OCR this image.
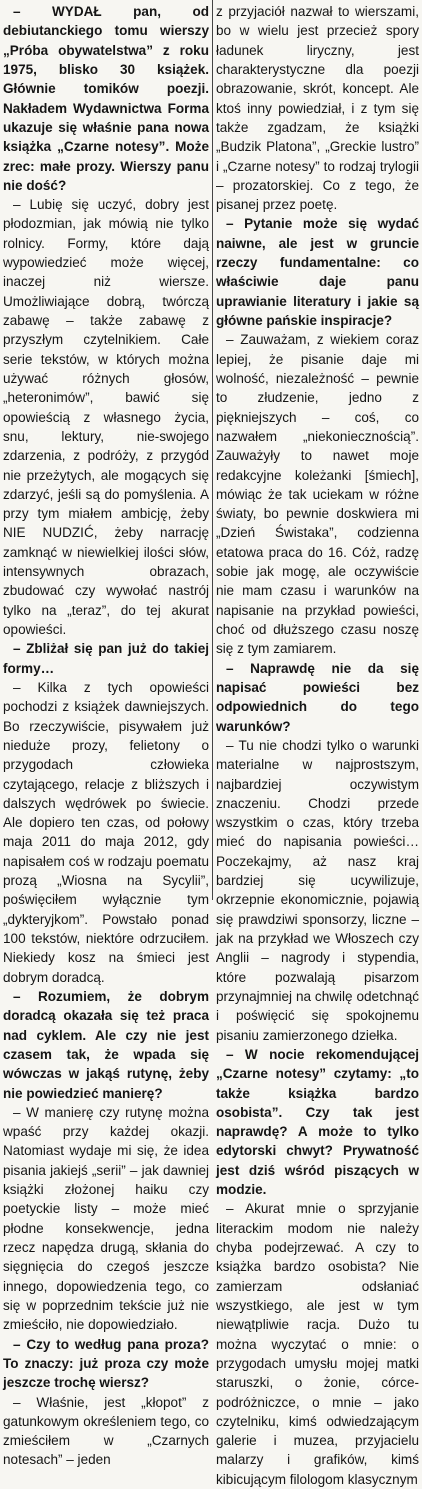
– WYDAŁ pan, od debiutanckiego tomu wierszy „Próba obywatelstwa” z roku 1975, blisko 30 książek. Głównie tomików poezji. Nakładem Wydawnictwa Forma ukazuje się właśnie pana nowa książka „Czarne notesy”. Może zrec: małe prozy. Wierszy panu nie dość?

– Lubię się uczyć, dobry jest płodozmian, jak mówią nie tylko rolnicy. Formy, które dają wypowiedzieć może więcej, inaczej niż wiersze. Umożliwiające dobrą, twórczą zabawę – także zabawę z przyszłym czytelnikiem. Całe serie tekstów, w których można używać różnych głosów, „heteronimów”, bawić się opowieścią z własnego życia, snu, lektury, nie-swojego zdarzenia, z podróży, z przygód nie przeżytych, ale mogących się zdarzyć, jeśli są do pomyślenia. A przy tym miałem ambicję, żeby NIE NUDZIĆ, żeby narrację zamknąć w niewielkiej ilości słów, intensywnych obrazach, zbudować czy wywołać nastrój tylko na „teraz”, do tej akurat opowieści.

– Zbliżał się pan już do takiej formy…

– Kilka z tych opowieści pochodzi z książek dawniejszych. Bo rzeczywiście, pisywałem już nieduże prozy, felietony o przygodach człowieka czytającego, relacje z bliższych i dalszych wędrówek po świecie. Ale dopiero ten czas, od połowy maja 2011 do maja 2012, gdy napisałem coś w rodzaju poematu prozą „Wiosna na Sycylii”, poświęciłem wyłącznie tym „dykteryjkom”. Powstało ponad 100 tekstów, niektóre odrzuciłem. Niekiedy kosz na śmieci jest dobrym doradcą.

– Rozumiem, że dobrym doradcą okazała się też praca nad cyklem. Ale czy nie jest czasem tak, że wpada się wówczas w jakąś rutynę, żeby nie powiedzieć manierę?

– W manierę czy rutynę można wpaść przy każdej okazji. Natomiast wydaje mi się, że idea pisania jakiejś „serii” – jak dawniej książki złożonej haiku czy poetyckie listy – może mieć płodne konsekwencje, jedna rzecz napędza drugą, skłania do sięgnięcia do czegoś jeszcze innego, dopowiedzenia tego, co się w poprzednim tekście już nie zmieściło, nie dopowiedziało.

– Czy to według pana proza? To znaczy: już proza czy może jeszcze trochę wiersz?

– Właśnie, jest „kłopot” z gatunkowym określeniem tego, co zmieściłem w „Czarnych notesach” – jeden

z przyjaciół nazwał to wierszami, bo w wielu jest przecież spory ładunek liryczny, jest charakterystyczne dla poezji obrazowanie, skrót, koncept. Ale ktoś inny powiedział, i z tym się także zgadzam, że książki „Budzik Platona”, „Greckie lustro” i „Czarne notesy” to rodzaj trylogii – prozatorskiej. Co z tego, że pisanej przez poetę.

– Pytanie może się wydać naiwne, ale jest w gruncie rzeczy fundamentalne: co właściwie daje panu uprawianie literatury i jakie są główne pańskie inspiracje?

– Zauważam, z wiekiem coraz lepiej, że pisanie daje mi wolność, niezależność – pewnie to złudzenie, jedno z piękniejszych – coś, co nazwałem „niekoniecznością”. Zauważyły to nawet moje redakcyjne koleżanki [śmiech], mówiąc że tak uciekam w różne światy, bo pewnie doskwiera mi „Dzień Świstaka”, codzienna etatowa praca do 16. Cóż, radzę sobie jak mogę, ale oczywiście nie mam czasu i warunków na napisanie na przykład powieści, choć od dłuższego czasu noszę się z tym zamiarem.

– Naprawdę nie da się napisać powieści bez odpowiednich do tego warunków?

– Tu nie chodzi tylko o warunki materialne w najprostszym, najbardziej oczywistym znaczeniu. Chodzi przede wszystkim o czas, który trzeba mieć do napisania powieści… Poczekajmy, aż nasz kraj bardziej się ucywilizuje, okrzepnie ekonomicznie, pojawią się prawdziwi sponsorzy, liczne – jak na przykład we Włoszech czy Anglii – nagrody i stypendia, które pozwalają pisarzom przynajmniej na chwilę odetchnąć i poświęcić się spokojnemu pisaniu zamierzonego dziełka.

– W nocie rekomendującej „Czarne notesy” czytamy: „to także książka bardzo osobista”. Czy tak jest naprawdę? A może to tylko edytorski chwyt? Prywatność jest dziś wśród piszących w modzie.

– Akurat mnie o sprzyjanie literackim modom nie należy chyba podejrzewać. A czy to książka bardzo osobista? Nie zamierzam odsłaniać wszystkiego, ale jest w tym niewątpliwie racja. Dużo tu można wyczytać o mnie: o przygodach umysłu mojej matki staruszki, o żonie, córce-podróżniczce, o mnie – jako czytelniku, kimś odwiedzającym galerie i muzea, przyjacielu malarzy i grafików, kimś kibicującym filologom klasycznym
